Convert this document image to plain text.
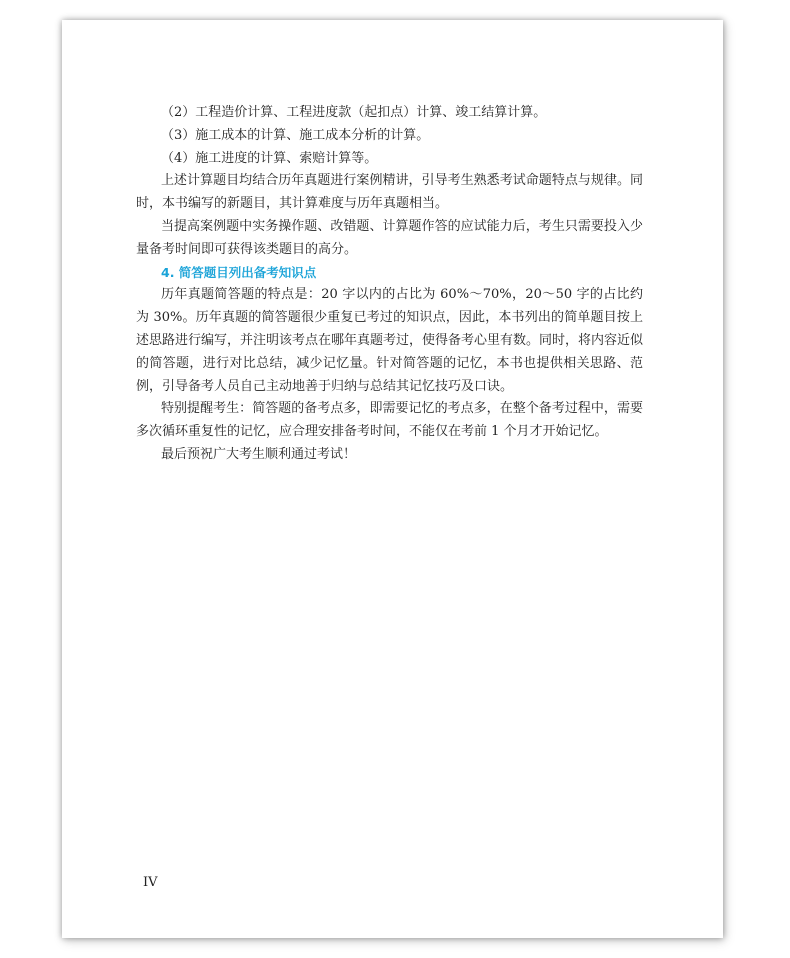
（2）工程造价计算、工程进度款（起扣点）计算、竣工结算计算。

（3）施工成本的计算、施工成本分析的计算。

（4）施工进度的计算、索赔计算等。

上述计算题目均结合历年真题进行案例精讲，引导考生熟悉考试命题特点与规律。同时，本书编写的新题目，其计算难度与历年真题相当。

当提高案例题中实务操作题、改错题、计算题作答的应试能力后，考生只需要投入少量备考时间即可获得该类题目的高分。

4. 简答题目列出备考知识点

历年真题简答题的特点是：20 字以内的占比为 60%～70%，20～50 字的占比约为 30%。历年真题的简答题很少重复已考过的知识点，因此，本书列出的简单题目按上述思路进行编写，并注明该考点在哪年真题考过，使得备考心里有数。同时，将内容近似的简答题，进行对比总结，减少记忆量。针对简答题的记忆，本书也提供相关思路、范例，引导备考人员自己主动地善于归纳与总结其记忆技巧及口诀。

特别提醒考生：简答题的备考点多，即需要记忆的考点多，在整个备考过程中，需要多次循环重复性的记忆，应合理安排备考时间，不能仅在考前 1 个月才开始记忆。

最后预祝广大考生顺利通过考试！

IV
